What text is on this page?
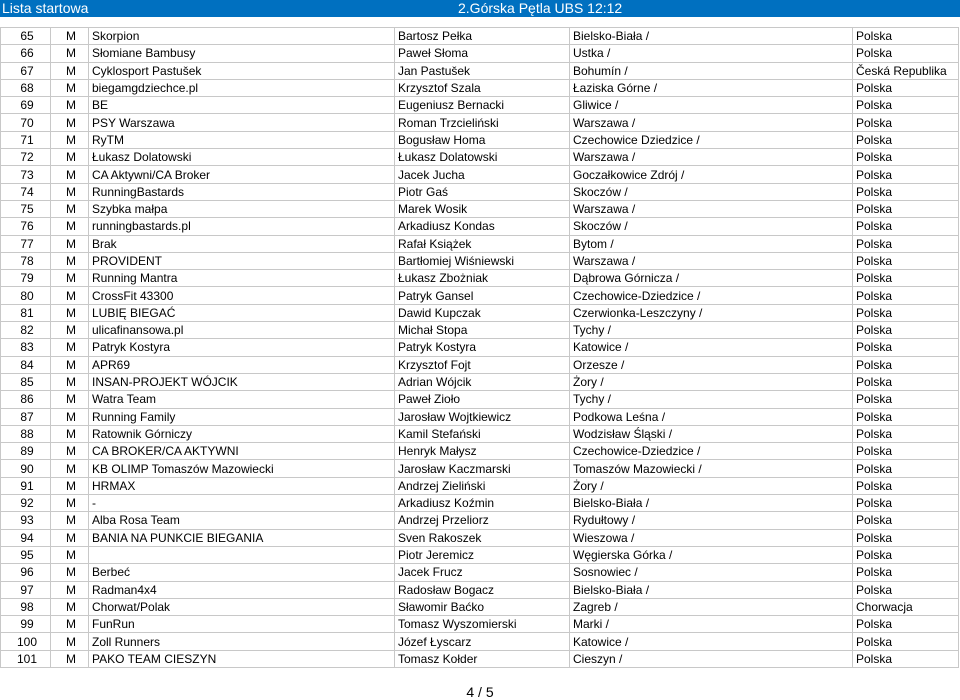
Lista startowa	2.Górska Pętla UBS 12:12
65	M	Skorpion	Bartosz Pełka	Bielsko-Biała /	Polska
66	M	Słomiane Bambusy	Paweł Słoma	Ustka /	Polska
67	M	Cyklosport Pastušek	Jan Pastušek	Bohumín /	Česká Republika
68	M	biegamgdziechce.pl	Krzysztof Szala	Łaziska Górne /	Polska
69	M	BE	Eugeniusz Bernacki	Gliwice /	Polska
70	M	PSY Warszawa	Roman Trzcieliński	Warszawa /	Polska
71	M	RyTM	Bogusław Homa	Czechowice Dziedzice /	Polska
72	M	Łukasz Dolatowski	Łukasz Dolatowski	Warszawa /	Polska
73	M	CA Aktywni/CA Broker	Jacek Jucha	Goczałkowice Zdrój /	Polska
74	M	RunningBastards	Piotr Gaś	Skoczów /	Polska
75	M	Szybka małpa	Marek Wosik	Warszawa /	Polska
76	M	runningbastards.pl	Arkadiusz Kondas	Skoczów /	Polska
77	M	Brak	Rafał Książek	Bytom /	Polska
78	M	PROVIDENT	Bartłomiej Wiśniewski	Warszawa /	Polska
79	M	Running Mantra	Łukasz Zbożniak	Dąbrowa Górnicza /	Polska
80	M	CrossFit 43300	Patryk Gansel	Czechowice-Dziedzice /	Polska
81	M	LUBIĘ BIEGAĆ	Dawid Kupczak	Czerwionka-Leszczyny /	Polska
82	M	ulicafinansowa.pl	Michał Stopa	Tychy /	Polska
83	M	Patryk Kostyra	Patryk Kostyra	Katowice /	Polska
84	M	APR69	Krzysztof Fojt	Orzesze /	Polska
85	M	INSAN-PROJEKT WÓJCIK	Adrian Wójcik	Żory /	Polska
86	M	Watra Team	Paweł Zioło	Tychy /	Polska
87	M	Running Family	Jarosław Wojtkiewicz	Podkowa Leśna /	Polska
88	M	Ratownik Górniczy	Kamil Stefański	Wodzisław Śląski /	Polska
89	M	CA BROKER/CA AKTYWNI	Henryk Małysz	Czechowice-Dziedzice /	Polska
90	M	KB OLIMP Tomaszów Mazowiecki	Jarosław Kaczmarski	Tomaszów Mazowiecki /	Polska
91	M	HRMAX	Andrzej Zieliński	Żory /	Polska
92	M	-	Arkadiusz Koźmin	Bielsko-Biała /	Polska
93	M	Alba Rosa Team	Andrzej Przeliorz	Rydułtowy /	Polska
94	M	BANIA NA PUNKCIE BIEGANIA	Sven Rakoszek	Wieszowa /	Polska
95	M		Piotr Jeremicz	Węgierska Górka /	Polska
96	M	Berbeć	Jacek Frucz	Sosnowiec /	Polska
97	M	Radman4x4	Radosław Bogacz	Bielsko-Biała /	Polska
98	M	Chorwat/Polak	Sławomir Baćko	Zagreb /	Chorwacja
99	M	FunRun	Tomasz Wyszomierski	Marki /	Polska
100	M	Zoll Runners	Józef Łyscarz	Katowice /	Polska
101	M	PAKO TEAM CIESZYN	Tomasz Kołder	Cieszyn /	Polska
4 / 5
